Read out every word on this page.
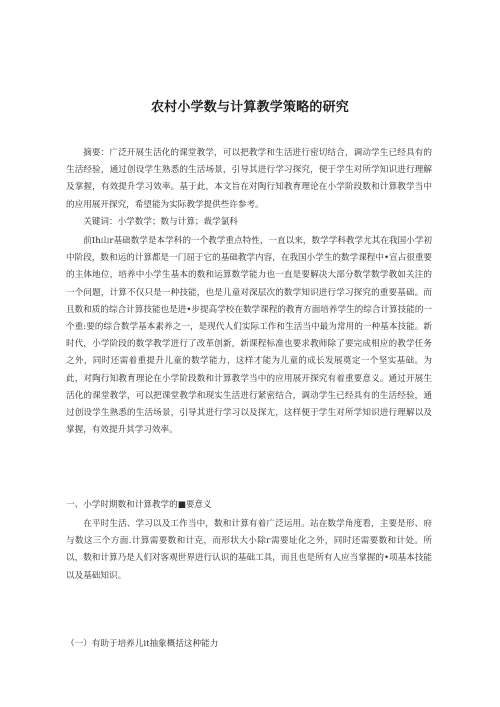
农村小学数与计算教学策略的研究

摘要：广泛开展生活化的课堂教学，可以把教学和生活进行密切结合，调动学生已经具有的生活经验，通过创设学生熟悉的生活场景，引导其进行学习探究，便于学生对所学知识进行理解及掌握，有效提升学习效率。基于此，本文旨在对陶行知教育理论在小学阶段数和计算教学当中的应用展开探究，希望能为实际教学提供些许参考。

关键词：小学数学；数与计算；裁学氯科

前Ih山r基础数学是本学科的一个教学重点特性，一直以来，数学学科教学尤其在我国小学初中阶段，数和运的计算都是一门屈于它的基础教学内容，在我国小学生的数学课程中•宣占很重要的主体地位，培养中小学生基本的数和运算数学能力也一直是要解决大部分数学数学教如关注的一个问题，计算不仅只是一种技能，也是儿童对深层次的数学知识进行学习探究的重要基础。而且数和质的综合计算技能也是进•步提高学校在数学课程的教育方面培养学生的综合计算技能的一个重:要的综合数学基本素养之一，是现代人们实际工作和生活当中最为常用的一种基本技能。新时代，小学阶段的数学教学进行了改革创新，新课程标准也要求教师除了要完成相应的教学任务之外，同时还需着重提升儿童的数学能力，这样才能为儿童的成长发展奠定一个坚实基础。为此，对陶行知教育理论在小学阶段数和计算教学当中的应用展开探究有着重要意义。通过开展生活化的课堂教学，可以把课堂教学和现实生活进行紧密结合，调动学生已经具有的生活经验，通过创设学生熟悉的生活场景，引导其进行学习以及探尢，这样便于学生对所学知识进行理解以及掌握，有效提升其学习效率。

一、小学时期数和计算教学的■要意义

在平时生活、学习以及工作当中，数和计算有着广泛运用。站在数学角度看，主要是形、府与数这三个方面.计算需要数和计克，而形状大小除г需要址化之外，同时还需要数和计处。所以，数和计算乃是人们对客观世界进行认识的基础工具，而且也是所有人应当掌握的•项基本技能以及基础知识。

（一）有助于培养儿it抽象概括这种能力
